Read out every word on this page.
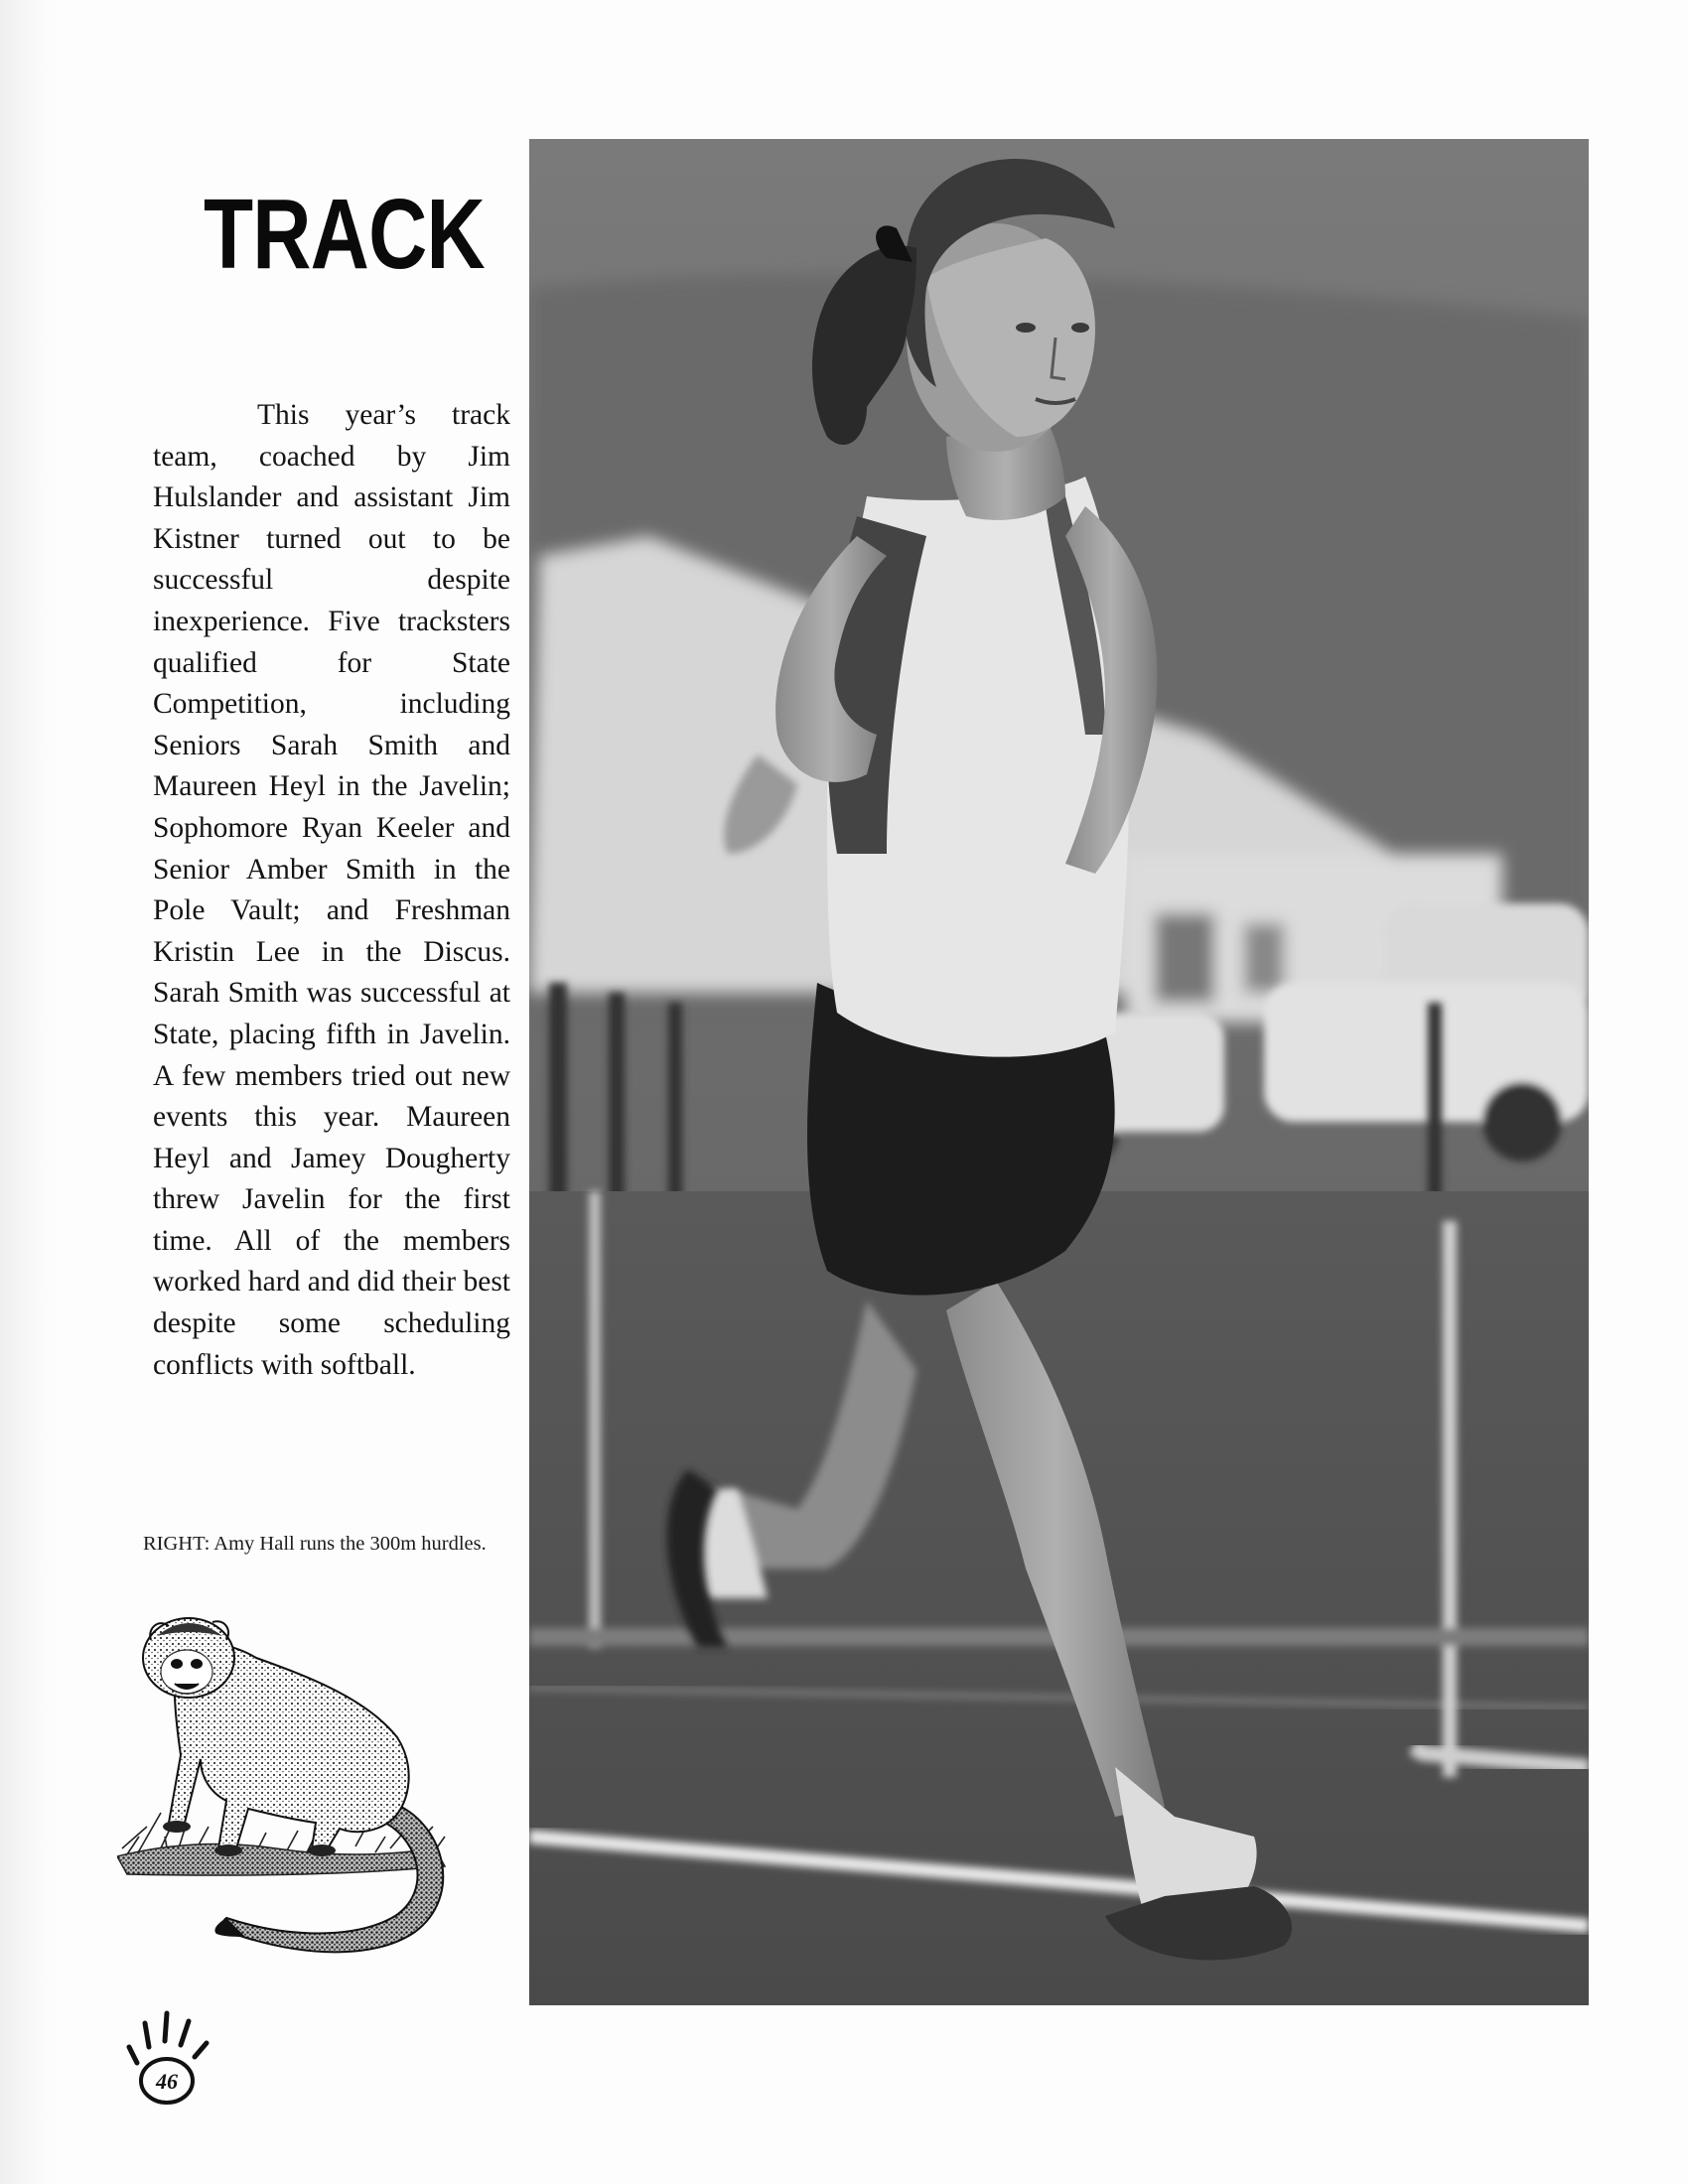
TRACK

This year’s track team, coached by Jim Hulslander and assistant Jim Kistner turned out to be successful despite inexperience. Five tracksters qualified for State Competition, including Seniors Sarah Smith and Maureen Heyl in the Javelin; Sophomore Ryan Keeler and Senior Amber Smith in the Pole Vault; and Freshman Kristin Lee in the Discus. Sarah Smith was successful at State, placing fifth in Javelin. A few members tried out new events this year. Maureen Heyl and Jamey Dougherty threw Javelin for the first time. All of the members worked hard and did their best despite some scheduling conflicts with softball.

RIGHT: Amy Hall runs the 300m hurdles.

46
